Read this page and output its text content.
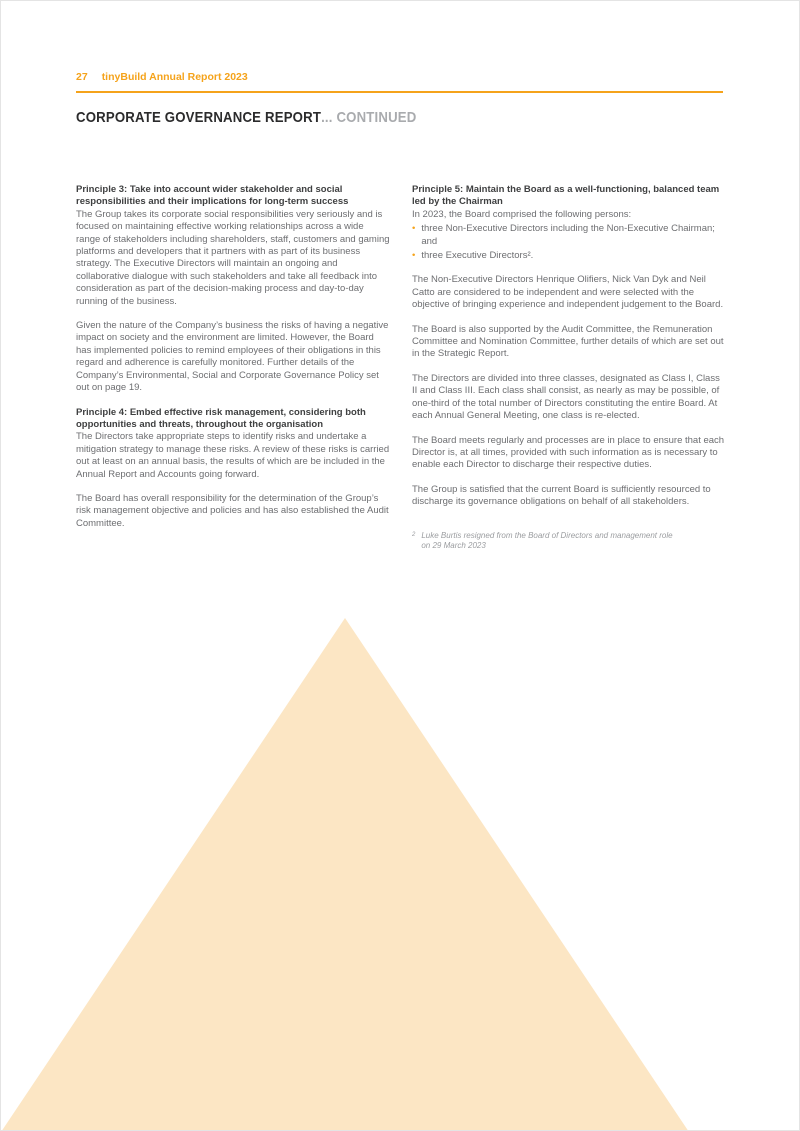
27 tinyBuild Annual Report 2023
CORPORATE GOVERNANCE REPORT... CONTINUED
Principle 3: Take into account wider stakeholder and social responsibilities and their implications for long-term success

The Group takes its corporate social responsibilities very seriously and is focused on maintaining effective working relationships across a wide range of stakeholders including shareholders, staff, customers and gaming platforms and developers that it partners with as part of its business strategy. The Executive Directors will maintain an ongoing and collaborative dialogue with such stakeholders and take all feedback into consideration as part of the decision-making process and day-to-day running of the business.

Given the nature of the Company’s business the risks of having a negative impact on society and the environment are limited. However, the Board has implemented policies to remind employees of their obligations in this regard and adherence is carefully monitored. Further details of the Company’s Environmental, Social and Corporate Governance Policy set out on page 19.

Principle 4: Embed effective risk management, considering both opportunities and threats, throughout the organisation

The Directors take appropriate steps to identify risks and undertake a mitigation strategy to manage these risks. A review of these risks is carried out at least on an annual basis, the results of which are be included in the Annual Report and Accounts going forward.

The Board has overall responsibility for the determination of the Group’s risk management objective and policies and has also established the Audit Committee.

Principle 5: Maintain the Board as a well-functioning, balanced team led by the Chairman

In 2023, the Board comprised the following persons:

• three Non-Executive Directors including the Non-Executive Chairman; and
• three Executive Directors².

The Non-Executive Directors Henrique Olifiers, Nick Van Dyk and Neil Catto are considered to be independent and were selected with the objective of bringing experience and independent judgement to the Board.

The Board is also supported by the Audit Committee, the Remuneration Committee and Nomination Committee, further details of which are set out in the Strategic Report.

The Directors are divided into three classes, designated as Class I, Class II and Class III. Each class shall consist, as nearly as may be possible, of one-third of the total number of Directors constituting the entire Board. At each Annual General Meeting, one class is re-elected.

The Board meets regularly and processes are in place to ensure that each Director is, at all times, provided with such information as is necessary to enable each Director to discharge their respective duties.

The Group is satisfied that the current Board is sufficiently resourced to discharge its governance obligations on behalf of all stakeholders.

2 Luke Burtis resigned from the Board of Directors and management role on 29 March 2023
